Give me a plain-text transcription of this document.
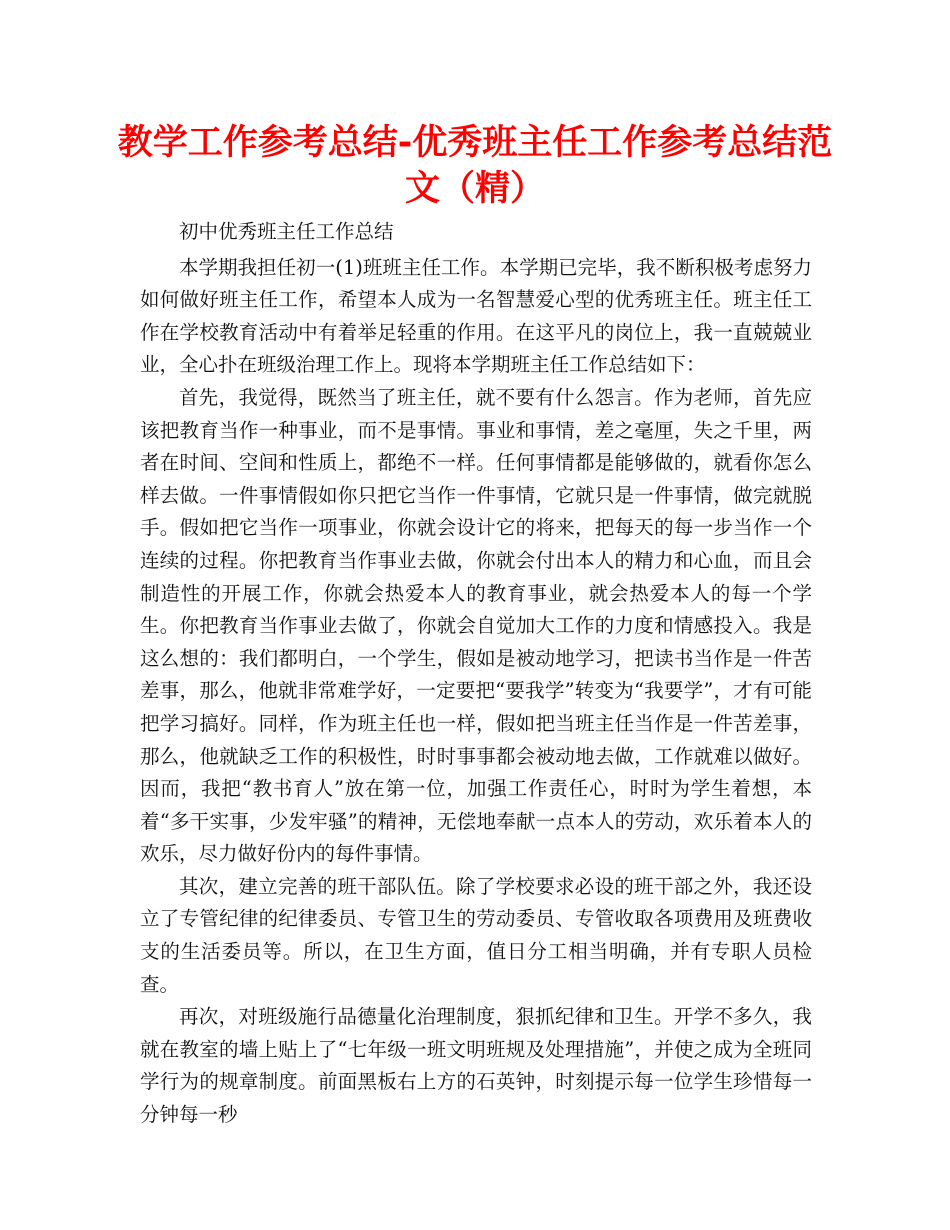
教学工作参考总结-优秀班主任工作参考总结范文（精）

初中优秀班主任工作总结

本学期我担任初一(1)班班主任工作。本学期已完毕，我不断积极考虑努力如何做好班主任工作，希望本人成为一名智慧爱心型的优秀班主任。班主任工作在学校教育活动中有着举足轻重的作用。在这平凡的岗位上，我一直兢兢业业，全心扑在班级治理工作上。现将本学期班主任工作总结如下：

首先，我觉得，既然当了班主任，就不要有什么怨言。作为老师，首先应该把教育当作一种事业，而不是事情。事业和事情，差之毫厘，失之千里，两者在时间、空间和性质上，都绝不一样。任何事情都是能够做的，就看你怎么样去做。一件事情假如你只把它当作一件事情，它就只是一件事情，做完就脱手。假如把它当作一项事业，你就会设计它的将来，把每天的每一步当作一个连续的过程。你把教育当作事业去做，你就会付出本人的精力和心血，而且会制造性的开展工作，你就会热爱本人的教育事业，就会热爱本人的每一个学生。你把教育当作事业去做了，你就会自觉加大工作的力度和情感投入。我是这么想的：我们都明白，一个学生，假如是被动地学习，把读书当作是一件苦差事，那么，他就非常难学好，一定要把“要我学”转变为“我要学”，才有可能把学习搞好。同样，作为班主任也一样，假如把当班主任当作是一件苦差事，那么，他就缺乏工作的积极性，时时事事都会被动地去做，工作就难以做好。因而，我把“教书育人”放在第一位，加强工作责任心，时时为学生着想，本着“多干实事，少发牢骚”的精神，无偿地奉献一点本人的劳动，欢乐着本人的欢乐，尽力做好份内的每件事情。

其次，建立完善的班干部队伍。除了学校要求必设的班干部之外，我还设立了专管纪律的纪律委员、专管卫生的劳动委员、专管收取各项费用及班费收支的生活委员等。所以，在卫生方面，值日分工相当明确，并有专职人员检查。

再次，对班级施行品德量化治理制度，狠抓纪律和卫生。开学不多久，我就在教室的墙上贴上了“七年级一班文明班规及处理措施”，并使之成为全班同学行为的规章制度。前面黑板右上方的石英钟，时刻提示每一位学生珍惜每一分钟每一秒
